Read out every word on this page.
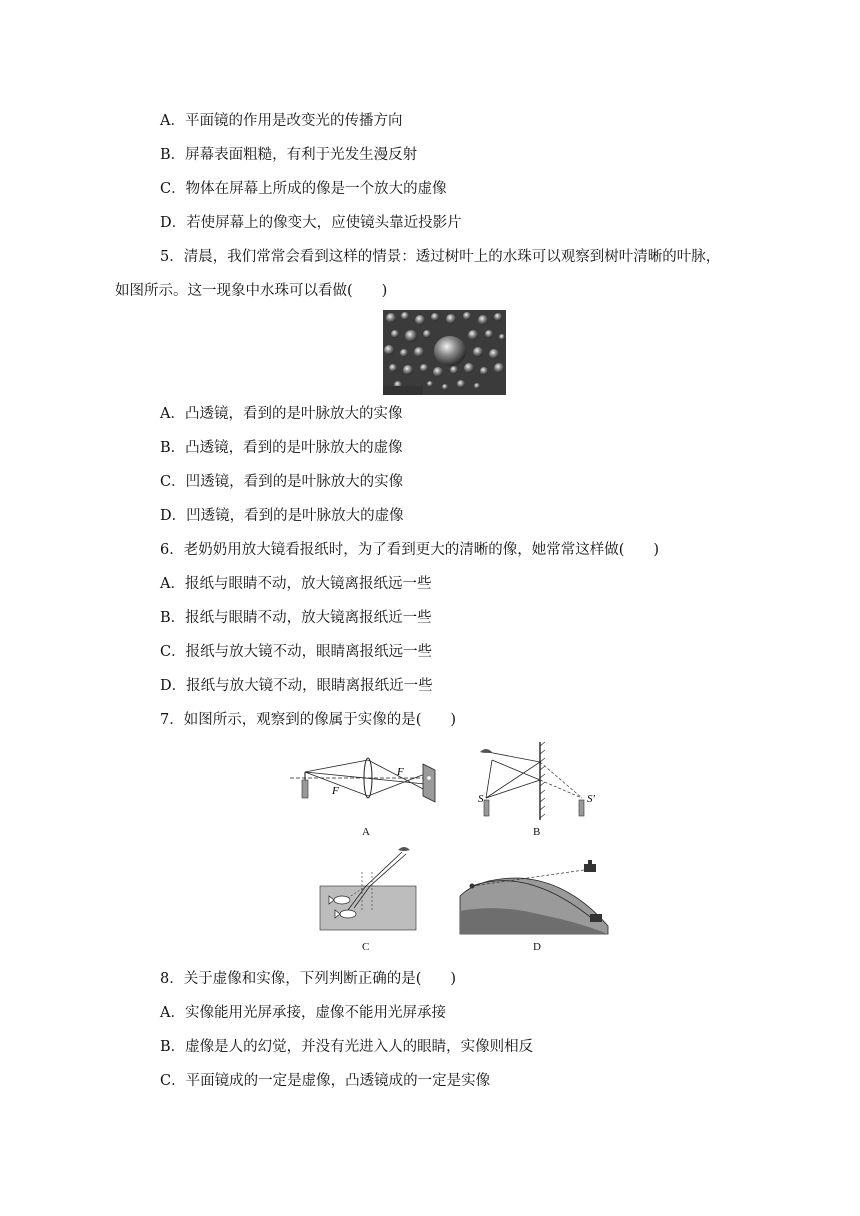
A．平面镜的作用是改变光的传播方向
B．屏幕表面粗糙，有利于光发生漫反射
C．物体在屏幕上所成的像是一个放大的虚像
D．若使屏幕上的像变大，应使镜头靠近投影片
5．清晨，我们常常会看到这样的情景：透过树叶上的水珠可以观察到树叶清晰的叶脉，
如图所示。这一现象中水珠可以看做(　　)
A．凸透镜，看到的是叶脉放大的实像
B．凸透镜，看到的是叶脉放大的虚像
C．凹透镜，看到的是叶脉放大的实像
D．凹透镜，看到的是叶脉放大的虚像
6．老奶奶用放大镜看报纸时，为了看到更大的清晰的像，她常常这样做(　　)
A．报纸与眼睛不动，放大镜离报纸远一些
B．报纸与眼睛不动，放大镜离报纸近一些
C．报纸与放大镜不动，眼睛离报纸远一些
D．报纸与放大镜不动，眼睛离报纸近一些
7．如图所示，观察到的像属于实像的是(　　)
F
F
A
S	S′
B
C	D
8．关于虚像和实像，下列判断正确的是(　　)
A．实像能用光屏承接，虚像不能用光屏承接
B．虚像是人的幻觉，并没有光进入人的眼睛，实像则相反
C．平面镜成的一定是虚像，凸透镜成的一定是实像
